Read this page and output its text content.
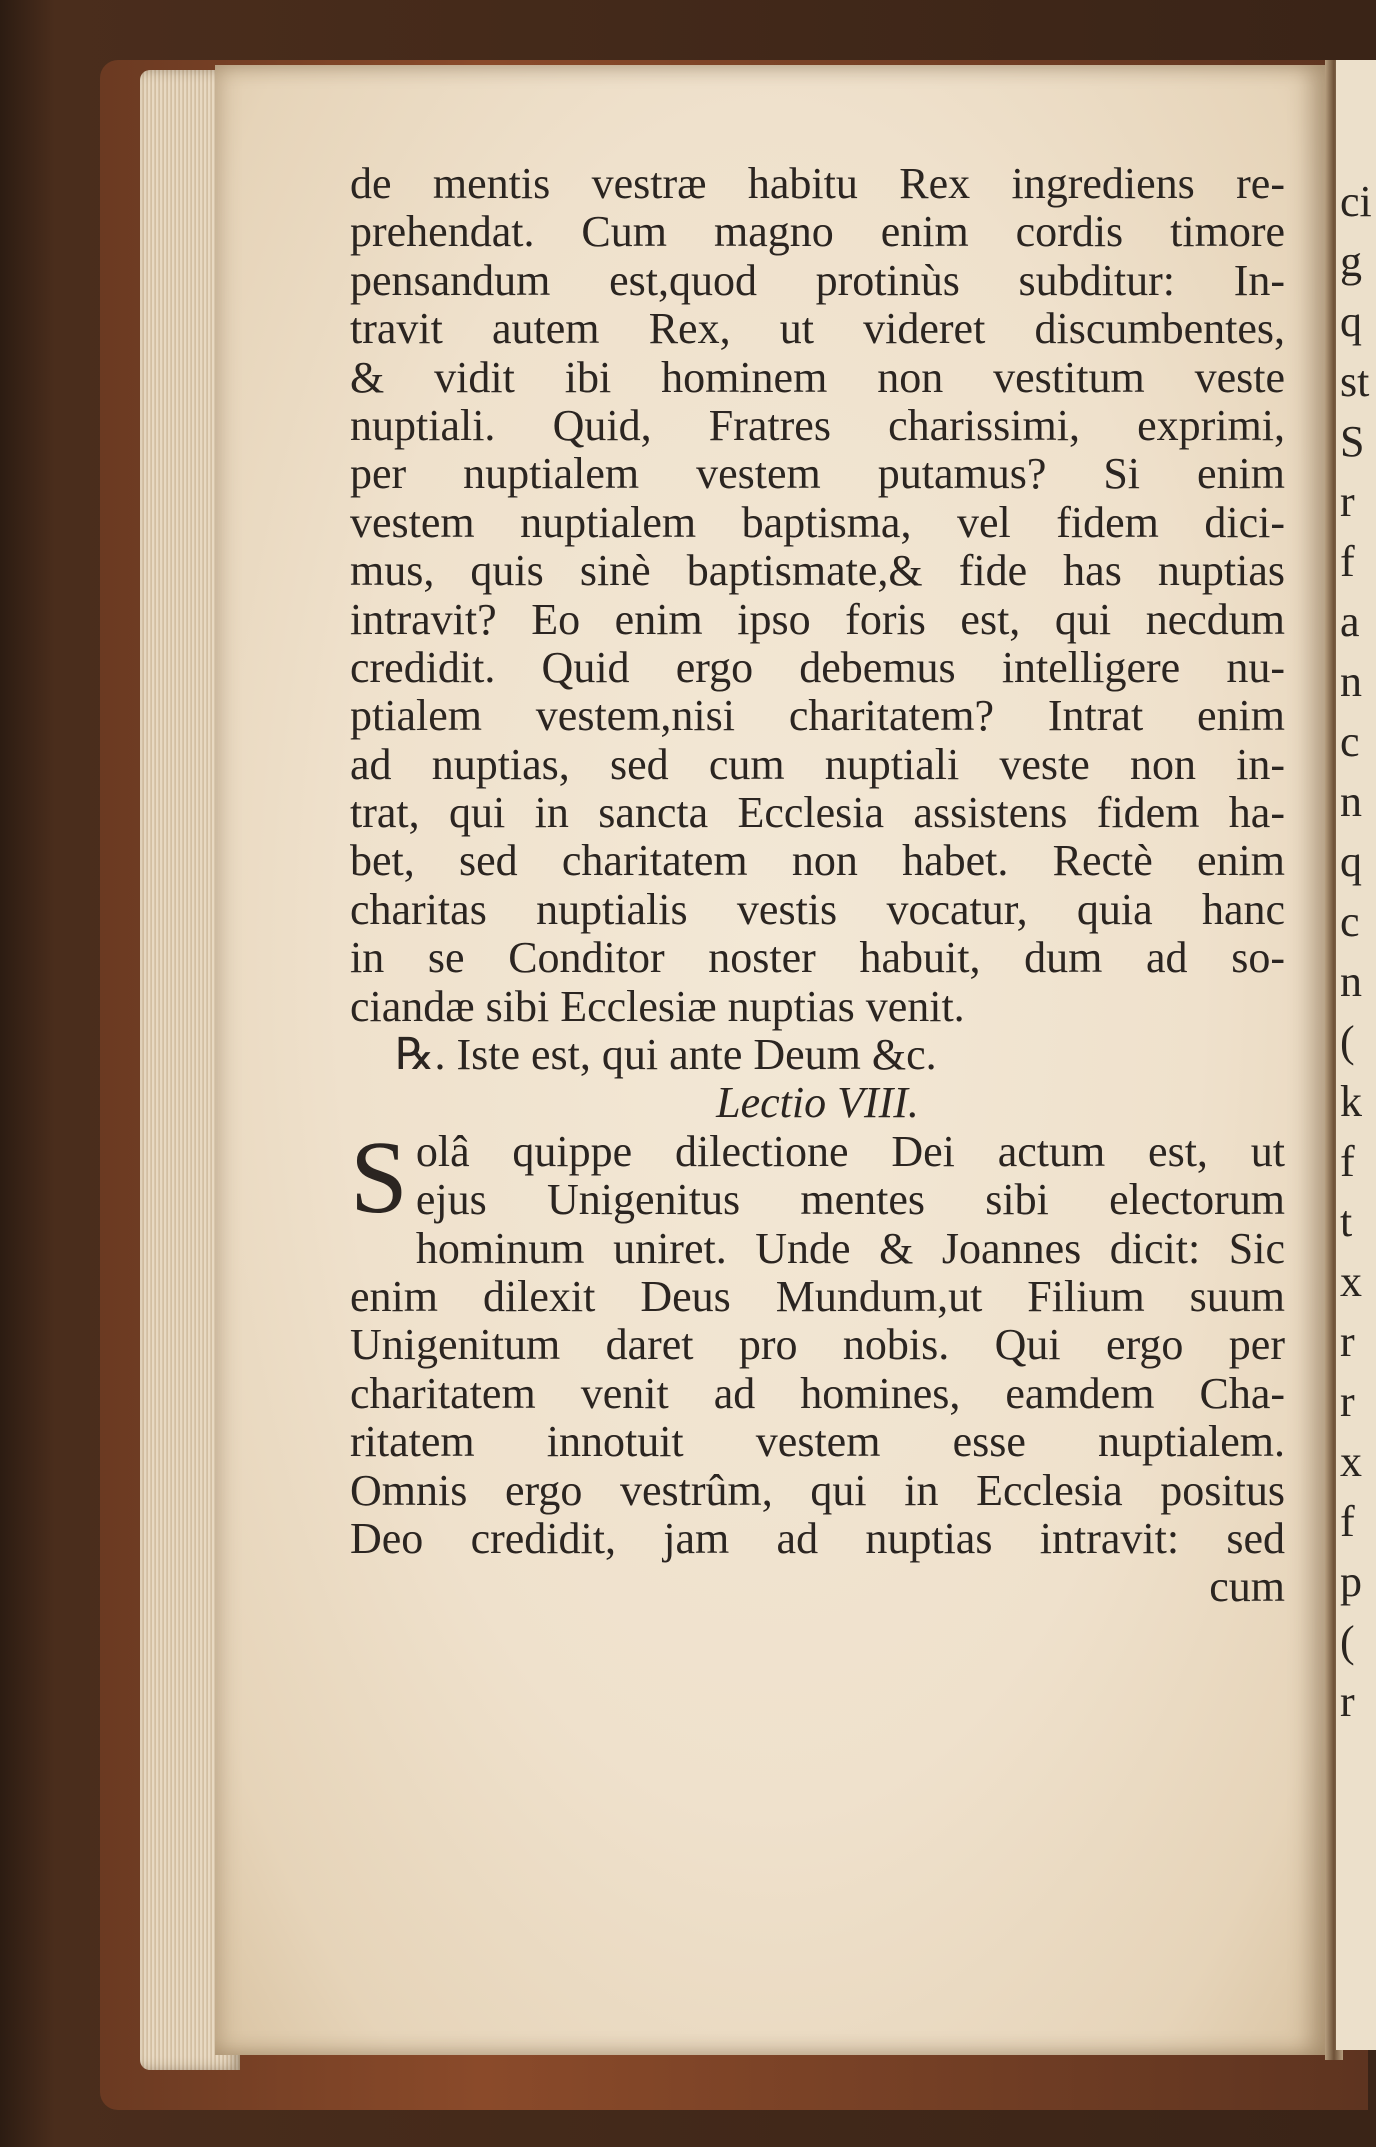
ci
g
q
st
S
r
f
a
n
c
n
q
c
n
(
k
f
t
x
r
r
x
f
p
(
r
de mentis vestræ habitu Rex ingrediens re-
prehendat. Cum magno enim cordis timore
pensandum est,quod protinùs subditur: In-
travit autem Rex, ut videret discumbentes,
& vidit ibi hominem non vestitum veste
nuptiali. Quid, Fratres charissimi, exprimi,
per nuptialem vestem putamus? Si enim
vestem nuptialem baptisma, vel fidem dici-
mus, quis sinè baptismate,& fide has nuptias
intravit? Eo enim ipso foris est, qui necdum
credidit. Quid ergo debemus intelligere nu-
ptialem vestem,nisi charitatem? Intrat enim
ad nuptias, sed cum nuptiali veste non in-
trat, qui in sancta Ecclesia assistens fidem ha-
bet, sed charitatem non habet. Rectè enim
charitas nuptialis vestis vocatur, quia hanc
in se Conditor noster habuit, dum ad so-
ciandæ sibi Ecclesiæ nuptias venit.
℞. Iste est, qui ante Deum &c.
Lectio VIII.
S olâ quippe dilectione Dei actum est, ut
ejus Unigenitus mentes sibi electorum
hominum uniret. Unde & Joannes dicit: Sic
enim dilexit Deus Mundum,ut Filium suum
Unigenitum daret pro nobis. Qui ergo per
charitatem venit ad homines, eamdem Cha-
ritatem innotuit vestem esse nuptialem.
Omnis ergo vestrûm, qui in Ecclesia positus
Deo credidit, jam ad nuptias intravit: sed
cum
